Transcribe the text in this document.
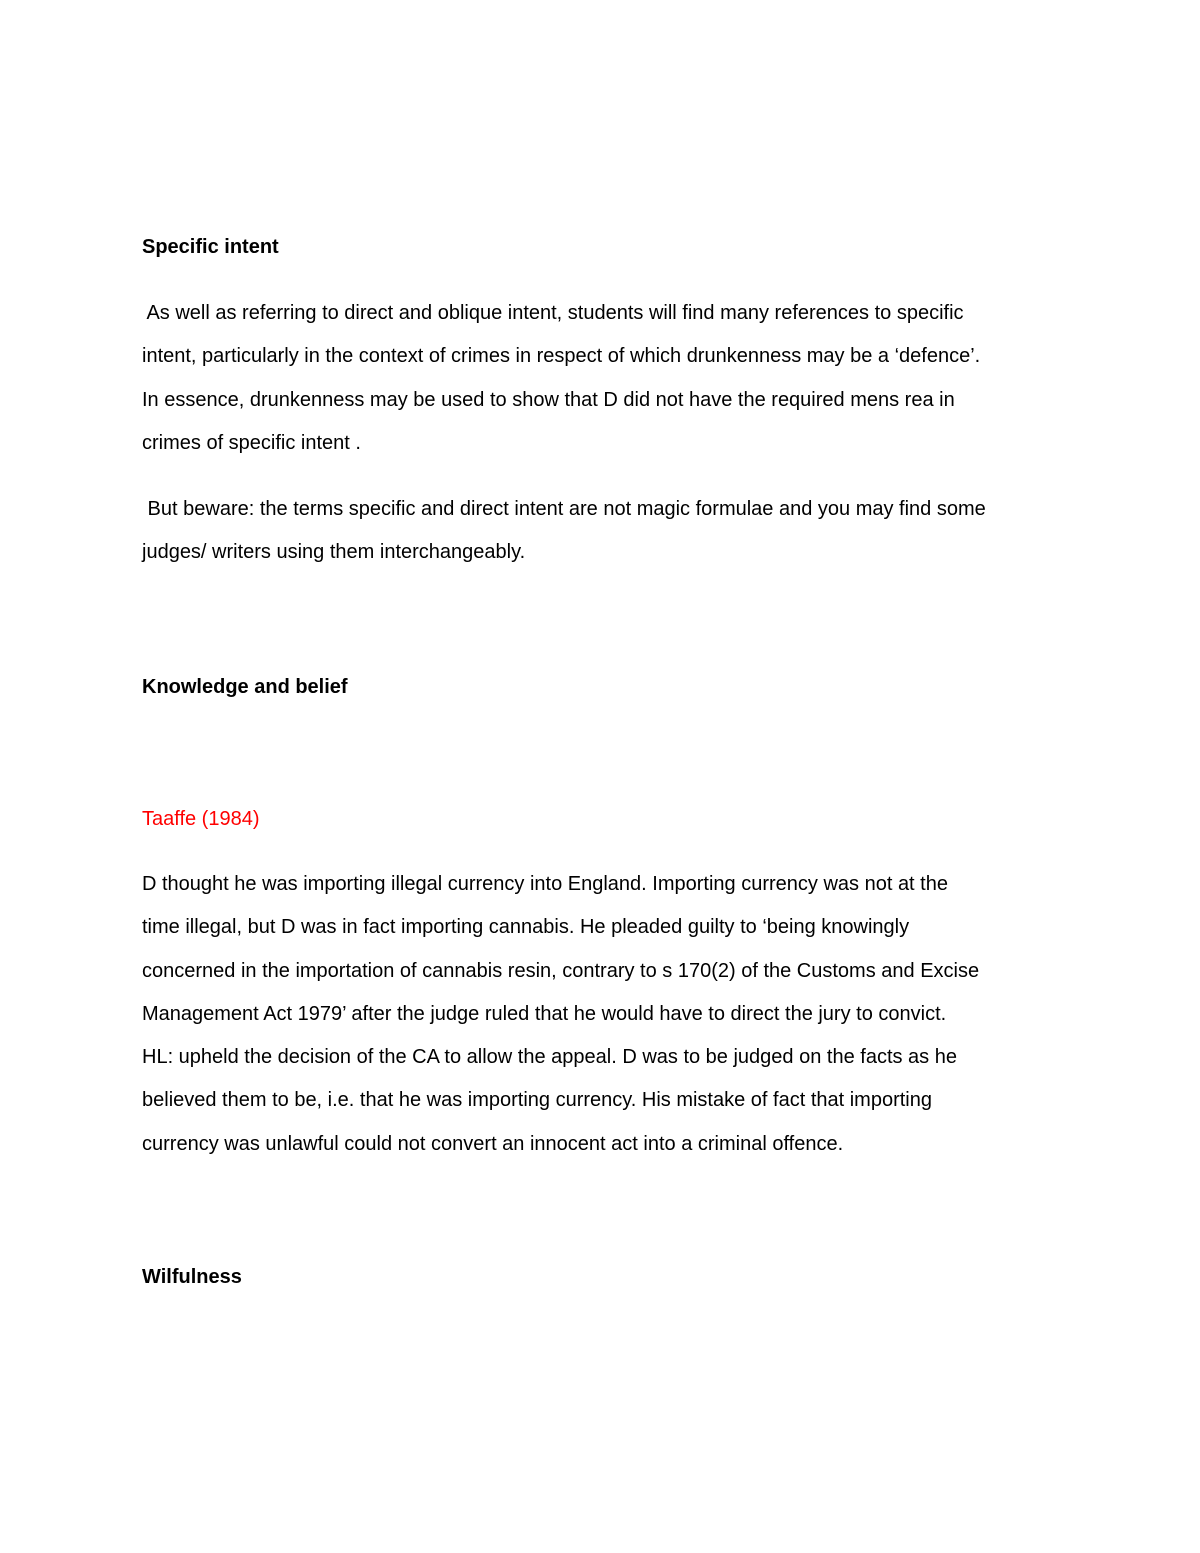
Specific intent
As well as referring to direct and oblique intent, students will find many references to specific
intent, particularly in the context of crimes in respect of which drunkenness may be a ‘defence’.
In essence, drunkenness may be used to show that D did not have the required mens rea in
crimes of specific intent .
But beware: the terms specific and direct intent are not magic formulae and you may find some
judges/ writers using them interchangeably.
Knowledge and belief
Taaffe (1984)
D thought he was importing illegal currency into England. Importing currency was not at the
time illegal, but D was in fact importing cannabis. He pleaded guilty to ‘being knowingly
concerned in the importation of cannabis resin, contrary to s 170(2) of the Customs and Excise
Management Act 1979’ after the judge ruled that he would have to direct the jury to convict.
HL: upheld the decision of the CA to allow the appeal. D was to be judged on the facts as he
believed them to be, i.e. that he was importing currency. His mistake of fact that importing
currency was unlawful could not convert an innocent act into a criminal offence.
Wilfulness
